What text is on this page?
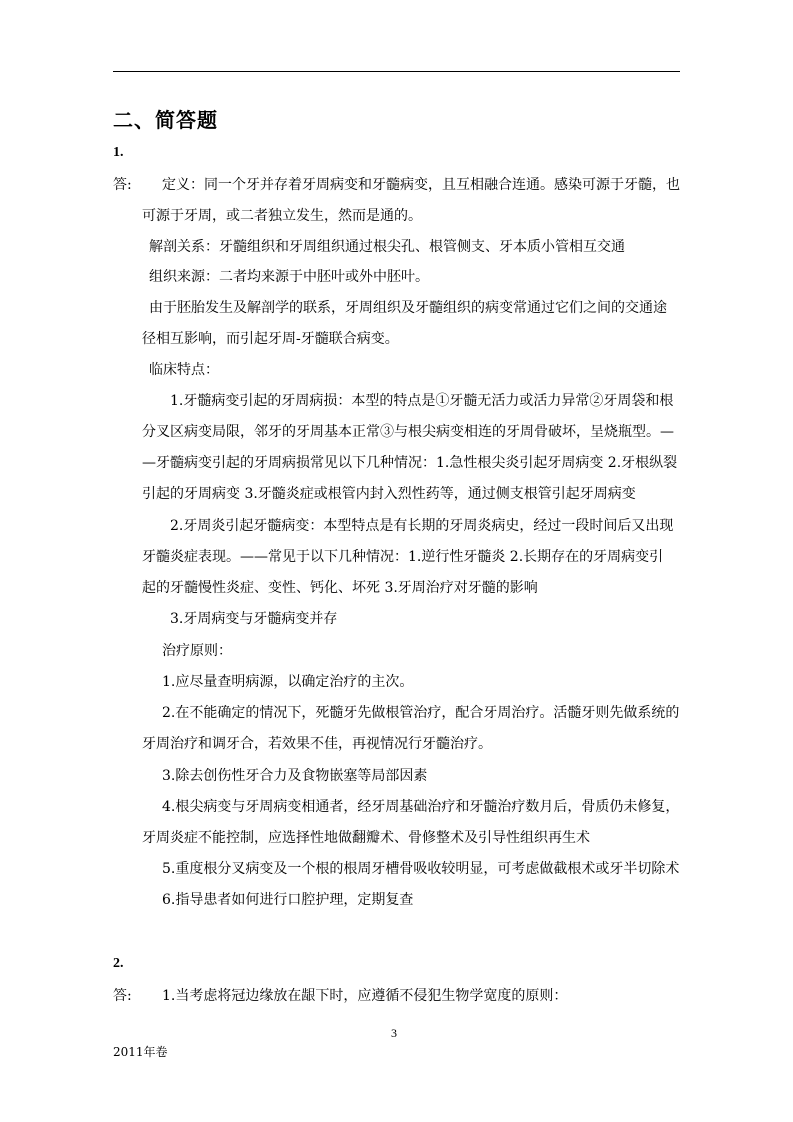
二、简答题
1.
答: 定义：同一个牙并存着牙周病变和牙髓病变，且互相融合连通。感染可源于牙髓，也
可源于牙周，或二者独立发生，然而是通的。
解剖关系：牙髓组织和牙周组织通过根尖孔、根管侧支、牙本质小管相互交通
组织来源：二者均来源于中胚叶或外中胚叶。
由于胚胎发生及解剖学的联系，牙周组织及牙髓组织的病变常通过它们之间的交通途
径相互影响，而引起牙周-牙髓联合病变。
临床特点：
1.牙髓病变引起的牙周病损：本型的特点是①牙髓无活力或活力异常②牙周袋和根
分叉区病变局限，邻牙的牙周基本正常③与根尖病变相连的牙周骨破坏，呈烧瓶型。—
—牙髓病变引起的牙周病损常见以下几种情况：1.急性根尖炎引起牙周病变 2.牙根纵裂
引起的牙周病变 3.牙髓炎症或根管内封入烈性药等，通过侧支根管引起牙周病变
2.牙周炎引起牙髓病变：本型特点是有长期的牙周炎病史，经过一段时间后又出现
牙髓炎症表现。——常见于以下几种情况：1.逆行性牙髓炎 2.长期存在的牙周病变引
起的牙髓慢性炎症、变性、钙化、坏死 3.牙周治疗对牙髓的影响
3.牙周病变与牙髓病变并存
治疗原则：
1.应尽量查明病源，以确定治疗的主次。
2.在不能确定的情况下，死髓牙先做根管治疗，配合牙周治疗。活髓牙则先做系统的
牙周治疗和调牙合，若效果不佳，再视情况行牙髓治疗。
3.除去创伤性牙合力及食物嵌塞等局部因素
4.根尖病变与牙周病变相通者，经牙周基础治疗和牙髓治疗数月后，骨质仍未修复，
牙周炎症不能控制，应选择性地做翻瓣术、骨修整术及引导性组织再生术
5.重度根分叉病变及一个根的根周牙槽骨吸收较明显，可考虑做截根术或牙半切除术
6.指导患者如何进行口腔护理，定期复查
2.
答: 1.当考虑将冠边缘放在龈下时，应遵循不侵犯生物学宽度的原则：
3
2011年卷
